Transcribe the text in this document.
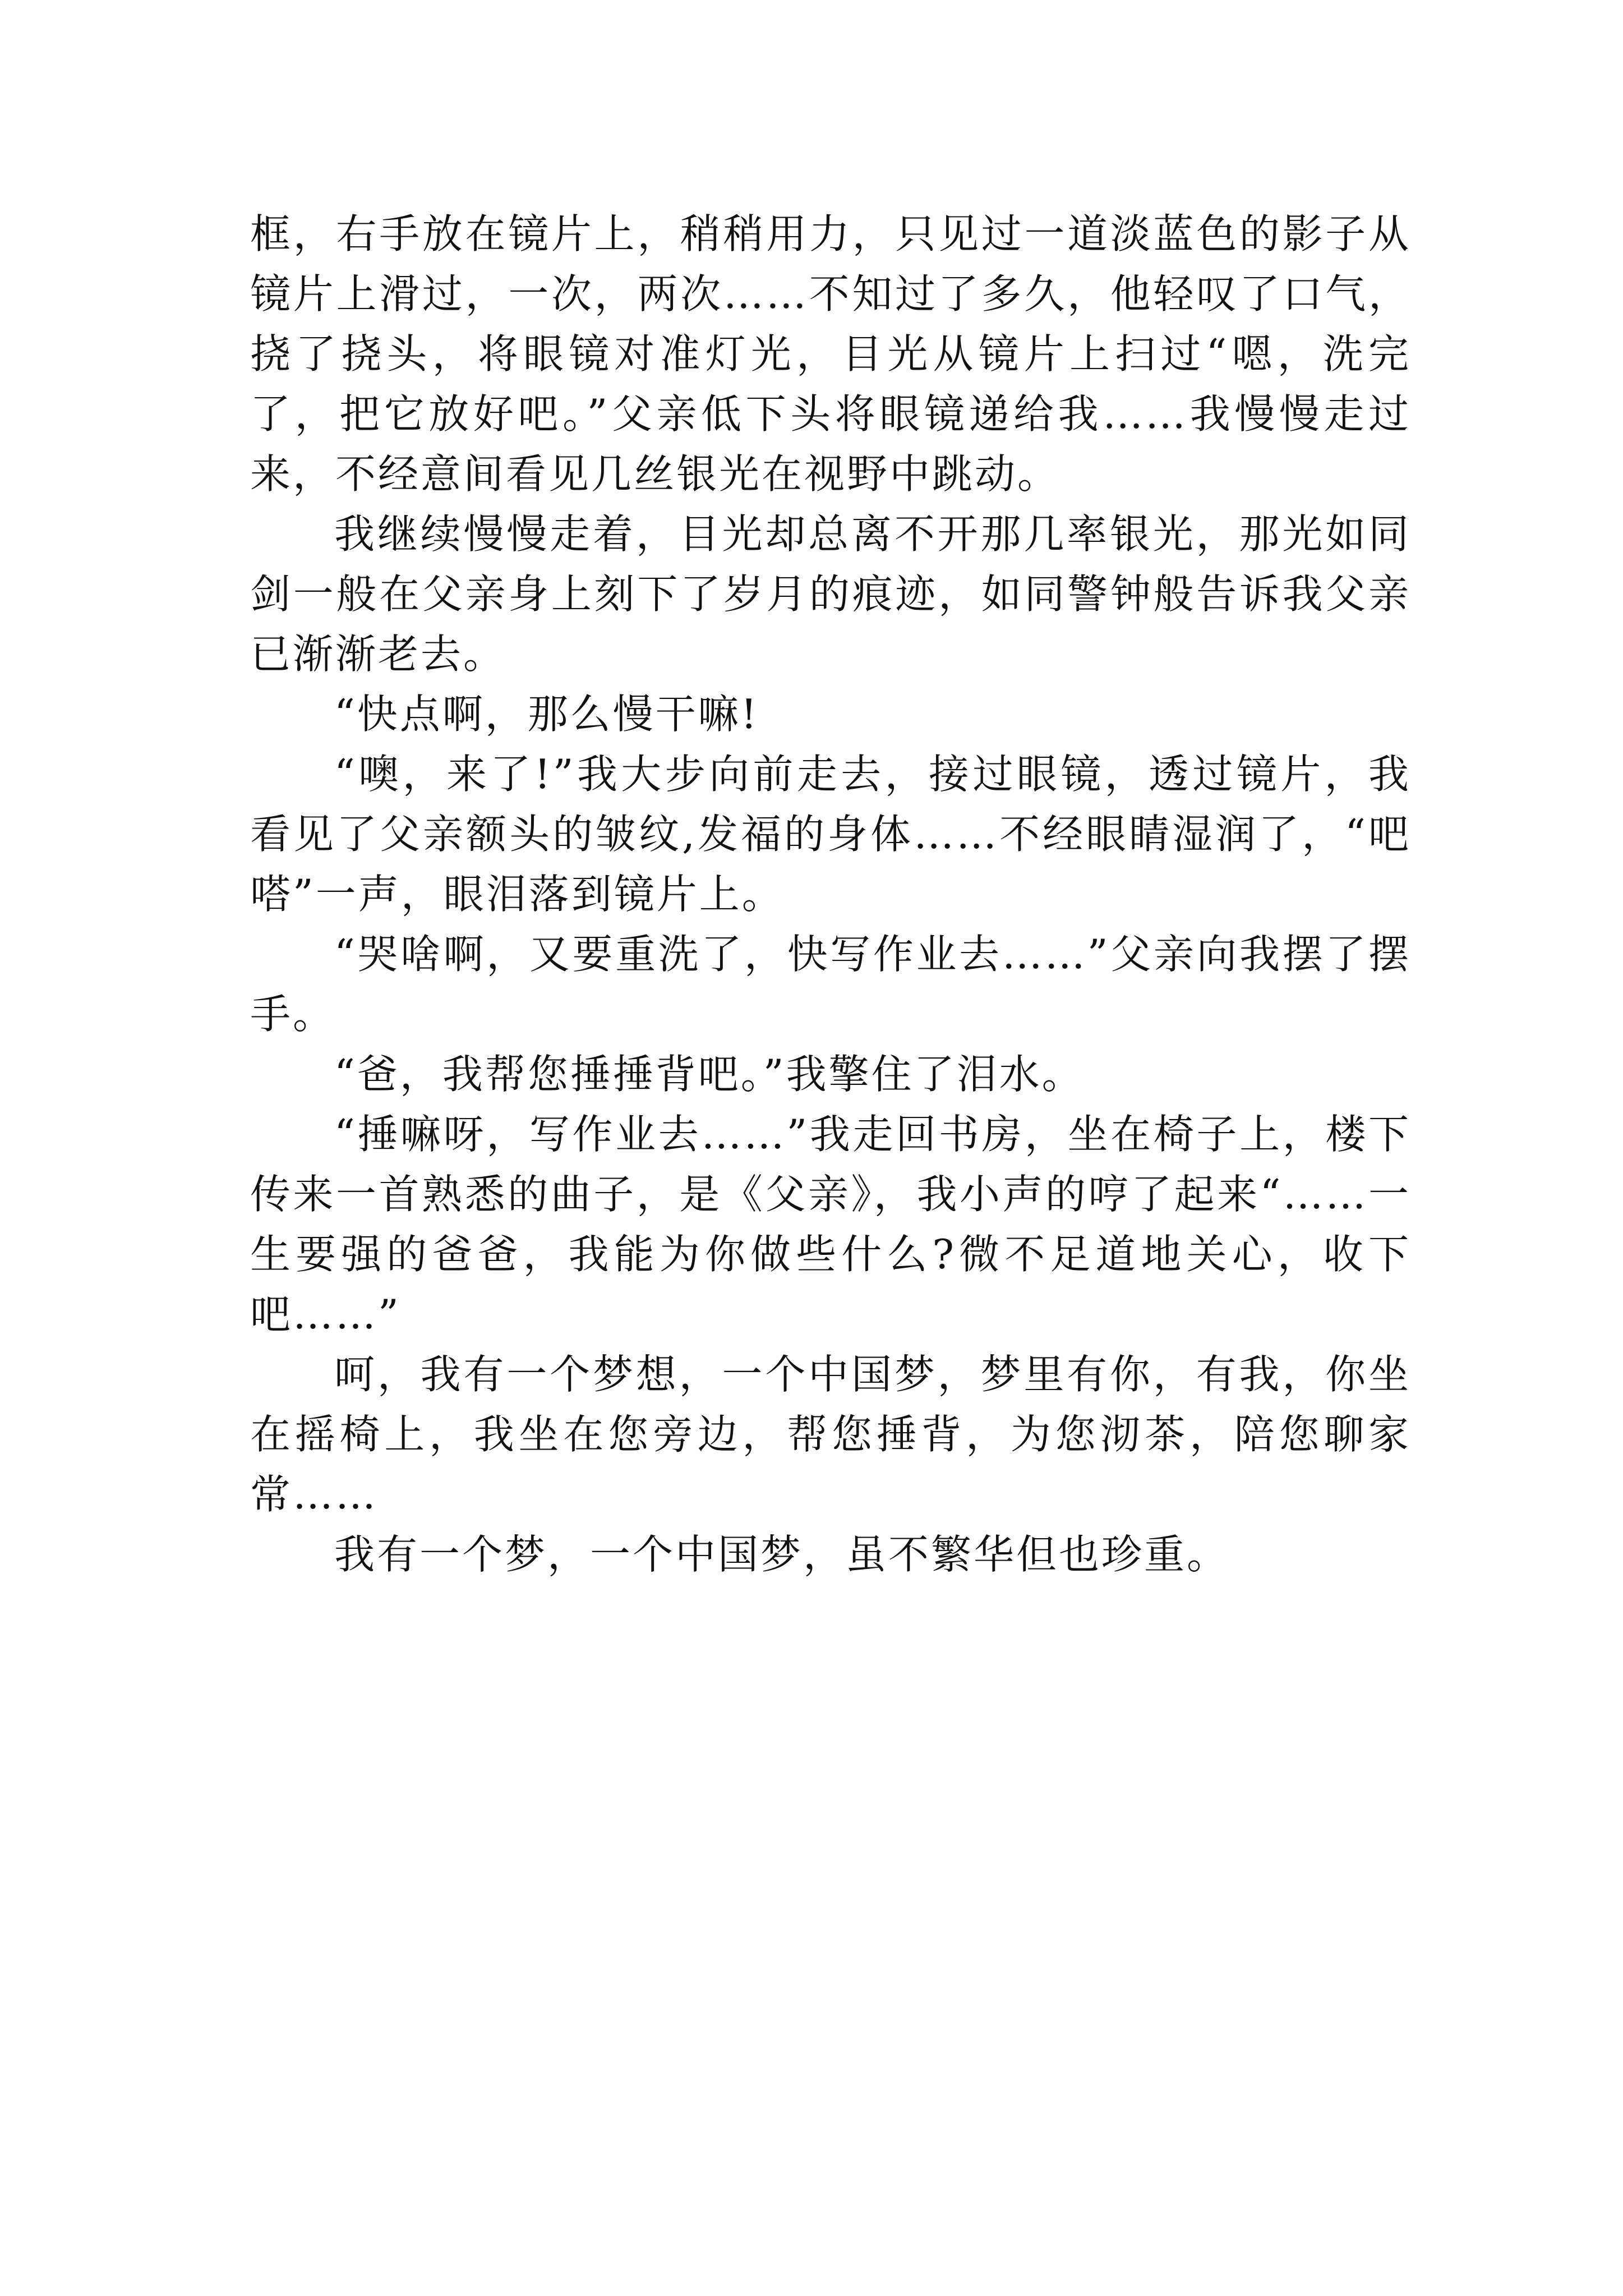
框，右手放在镜片上，稍稍用力，只见过一道淡蓝色的影子从镜片上滑过，一次，两次……不知过了多久，他轻叹了口气，挠了挠头，将眼镜对准灯光，目光从镜片上扫过“嗯，洗完了，把它放好吧。”父亲低下头将眼镜递给我……我慢慢走过来，不经意间看见几丝银光在视野中跳动。

我继续慢慢走着，目光却总离不开那几率银光，那光如同剑一般在父亲身上刻下了岁月的痕迹，如同警钟般告诉我父亲已渐渐老去。

“快点啊，那么慢干嘛!

“噢，来了!”我大步向前走去，接过眼镜，透过镜片，我看见了父亲额头的皱纹,发福的身体……不经眼睛湿润了，“吧嗒”一声，眼泪落到镜片上。

“哭啥啊，又要重洗了，快写作业去……”父亲向我摆了摆手。

“爸，我帮您捶捶背吧。”我擎住了泪水。

“捶嘛呀，写作业去……”我走回书房，坐在椅子上，楼下传来一首熟悉的曲子，是《父亲》，我小声的哼了起来“……一生要强的爸爸，我能为你做些什么?微不足道地关心，收下吧……”

呵，我有一个梦想，一个中国梦，梦里有你，有我，你坐在摇椅上，我坐在您旁边，帮您捶背，为您沏茶，陪您聊家常……

我有一个梦，一个中国梦，虽不繁华但也珍重。
